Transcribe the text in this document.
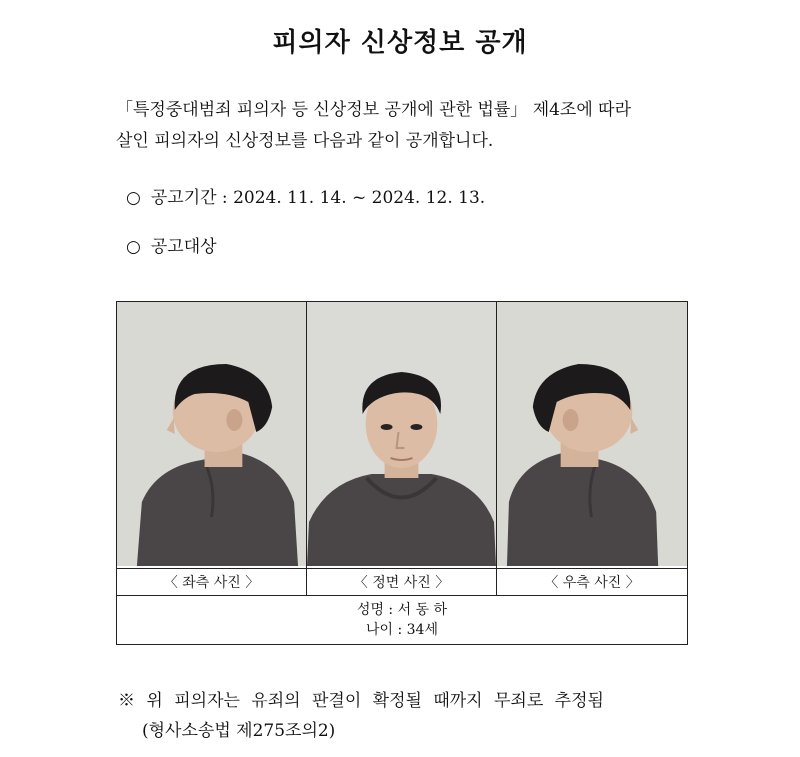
피의자 신상정보 공개
「특정중대범죄 피의자 등 신상정보 공개에 관한 법률」 제4조에 따라
살인 피의자의 신상정보를 다음과 같이 공개합니다.
○ 공고기간 : 2024. 11. 14. ~ 2024. 12. 13.
○ 공고대상

〈 좌측 사진 〉	〈 정면 사진 〉	〈 우측 사진 〉

성명 : 서 동 하
나이 : 34세		
※ 위 피의자는 유죄의 판결이 확정될 때까지 무죄로 추정됨
(형사소송법 제275조의2)
